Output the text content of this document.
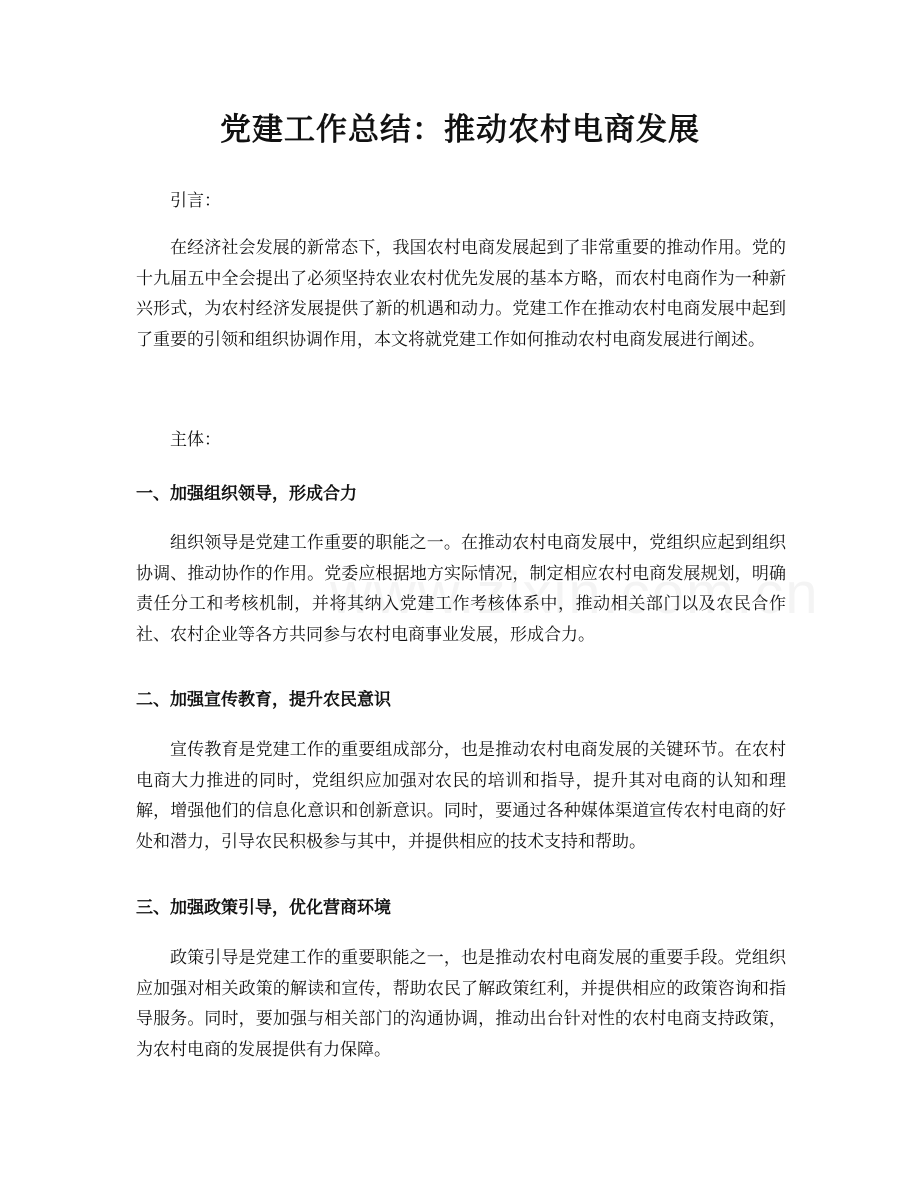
党建工作总结：推动农村电商发展
引言：

在经济社会发展的新常态下，我国农村电商发展起到了非常重要的推动作用。党的十九届五中全会提出了必须坚持农业农村优先发展的基本方略，而农村电商作为一种新兴形式，为农村经济发展提供了新的机遇和动力。党建工作在推动农村电商发展中起到了重要的引领和组织协调作用，本文将就党建工作如何推动农村电商发展进行阐述。

主体：
一、加强组织领导，形成合力

组织领导是党建工作重要的职能之一。在推动农村电商发展中，党组织应起到组织协调、推动协作的作用。党委应根据地方实际情况，制定相应农村电商发展规划，明确责任分工和考核机制，并将其纳入党建工作考核体系中，推动相关部门以及农民合作社、农村企业等各方共同参与农村电商事业发展，形成合力。

二、加强宣传教育，提升农民意识

宣传教育是党建工作的重要组成部分，也是推动农村电商发展的关键环节。在农村电商大力推进的同时，党组织应加强对农民的培训和指导，提升其对电商的认知和理解，增强他们的信息化意识和创新意识。同时，要通过各种媒体渠道宣传农村电商的好处和潜力，引导农民积极参与其中，并提供相应的技术支持和帮助。

三、加强政策引导，优化营商环境

政策引导是党建工作的重要职能之一，也是推动农村电商发展的重要手段。党组织应加强对相关政策的解读和宣传，帮助农民了解政策红利，并提供相应的政策咨询和指导服务。同时，要加强与相关部门的沟通协调，推动出台针对性的农村电商支持政策，为农村电商的发展提供有力保障。
